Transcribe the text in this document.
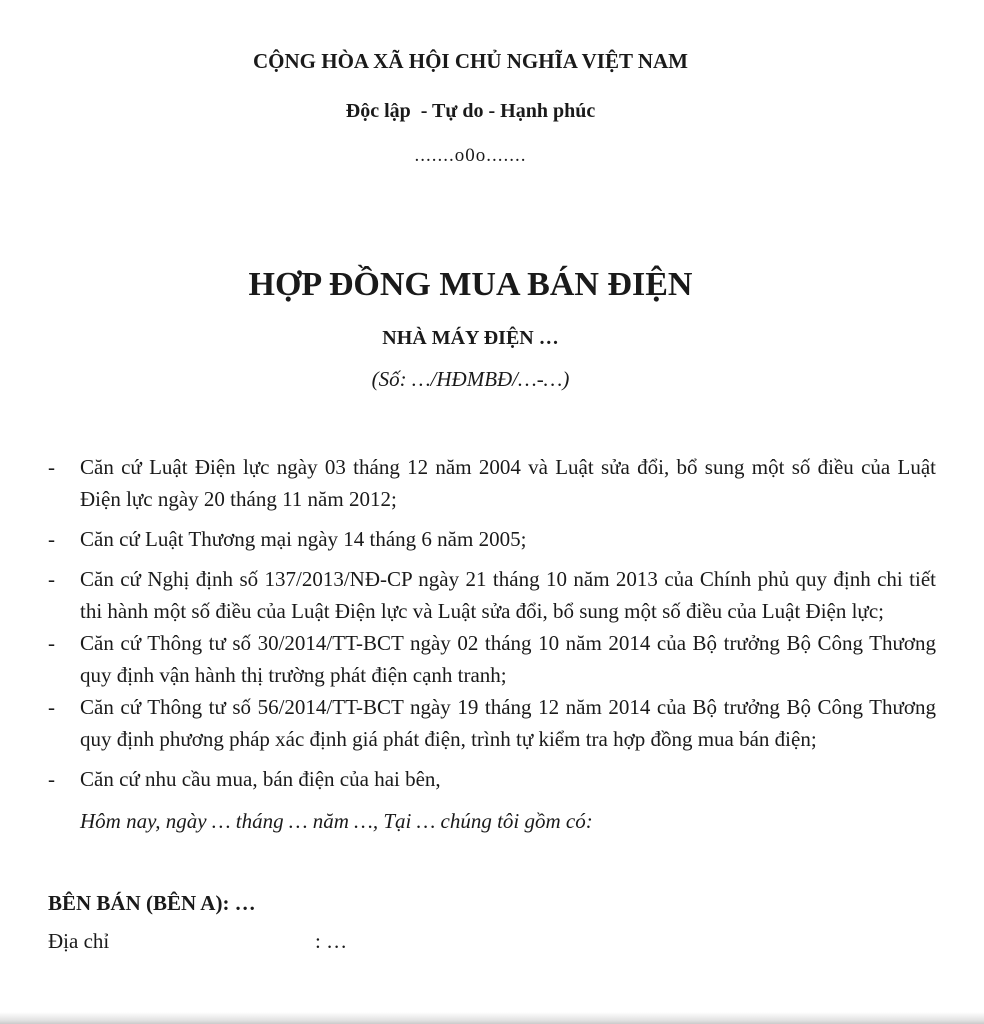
CỘNG HÒA XÃ HỘI CHỦ NGHĨA VIỆT NAM
Độc lập  - Tự do - Hạnh phúc
.......o0o.......
HỢP ĐỒNG MUA BÁN ĐIỆN
NHÀ MÁY ĐIỆN …
(Số: …/HĐMBĐ/…-…)
- Căn cứ Luật Điện lực ngày 03 tháng 12 năm 2004 và Luật sửa đổi, bổ sung một số điều của Luật Điện lực ngày 20 tháng 11 năm 2012;
- Căn cứ Luật Thương mại ngày 14 tháng 6 năm 2005;
- Căn cứ Nghị định số 137/2013/NĐ-CP ngày 21 tháng 10 năm 2013 của Chính phủ quy định chi tiết thi hành một số điều của Luật Điện lực và Luật sửa đổi, bổ sung một số điều của Luật Điện lực;
- Căn cứ Thông tư số 30/2014/TT-BCT ngày 02 tháng 10 năm 2014 của Bộ trưởng Bộ Công Thương quy định vận hành thị trường phát điện cạnh tranh;
- Căn cứ Thông tư số 56/2014/TT-BCT ngày 19 tháng 12 năm 2014 của Bộ trưởng Bộ Công Thương quy định phương pháp xác định giá phát điện, trình tự kiểm tra hợp đồng mua bán điện;
- Căn cứ nhu cầu mua, bán điện của hai bên,
Hôm nay, ngày … tháng … năm …, Tại … chúng tôi gồm có:
BÊN BÁN (BÊN A): …
Địa chỉ	: …
